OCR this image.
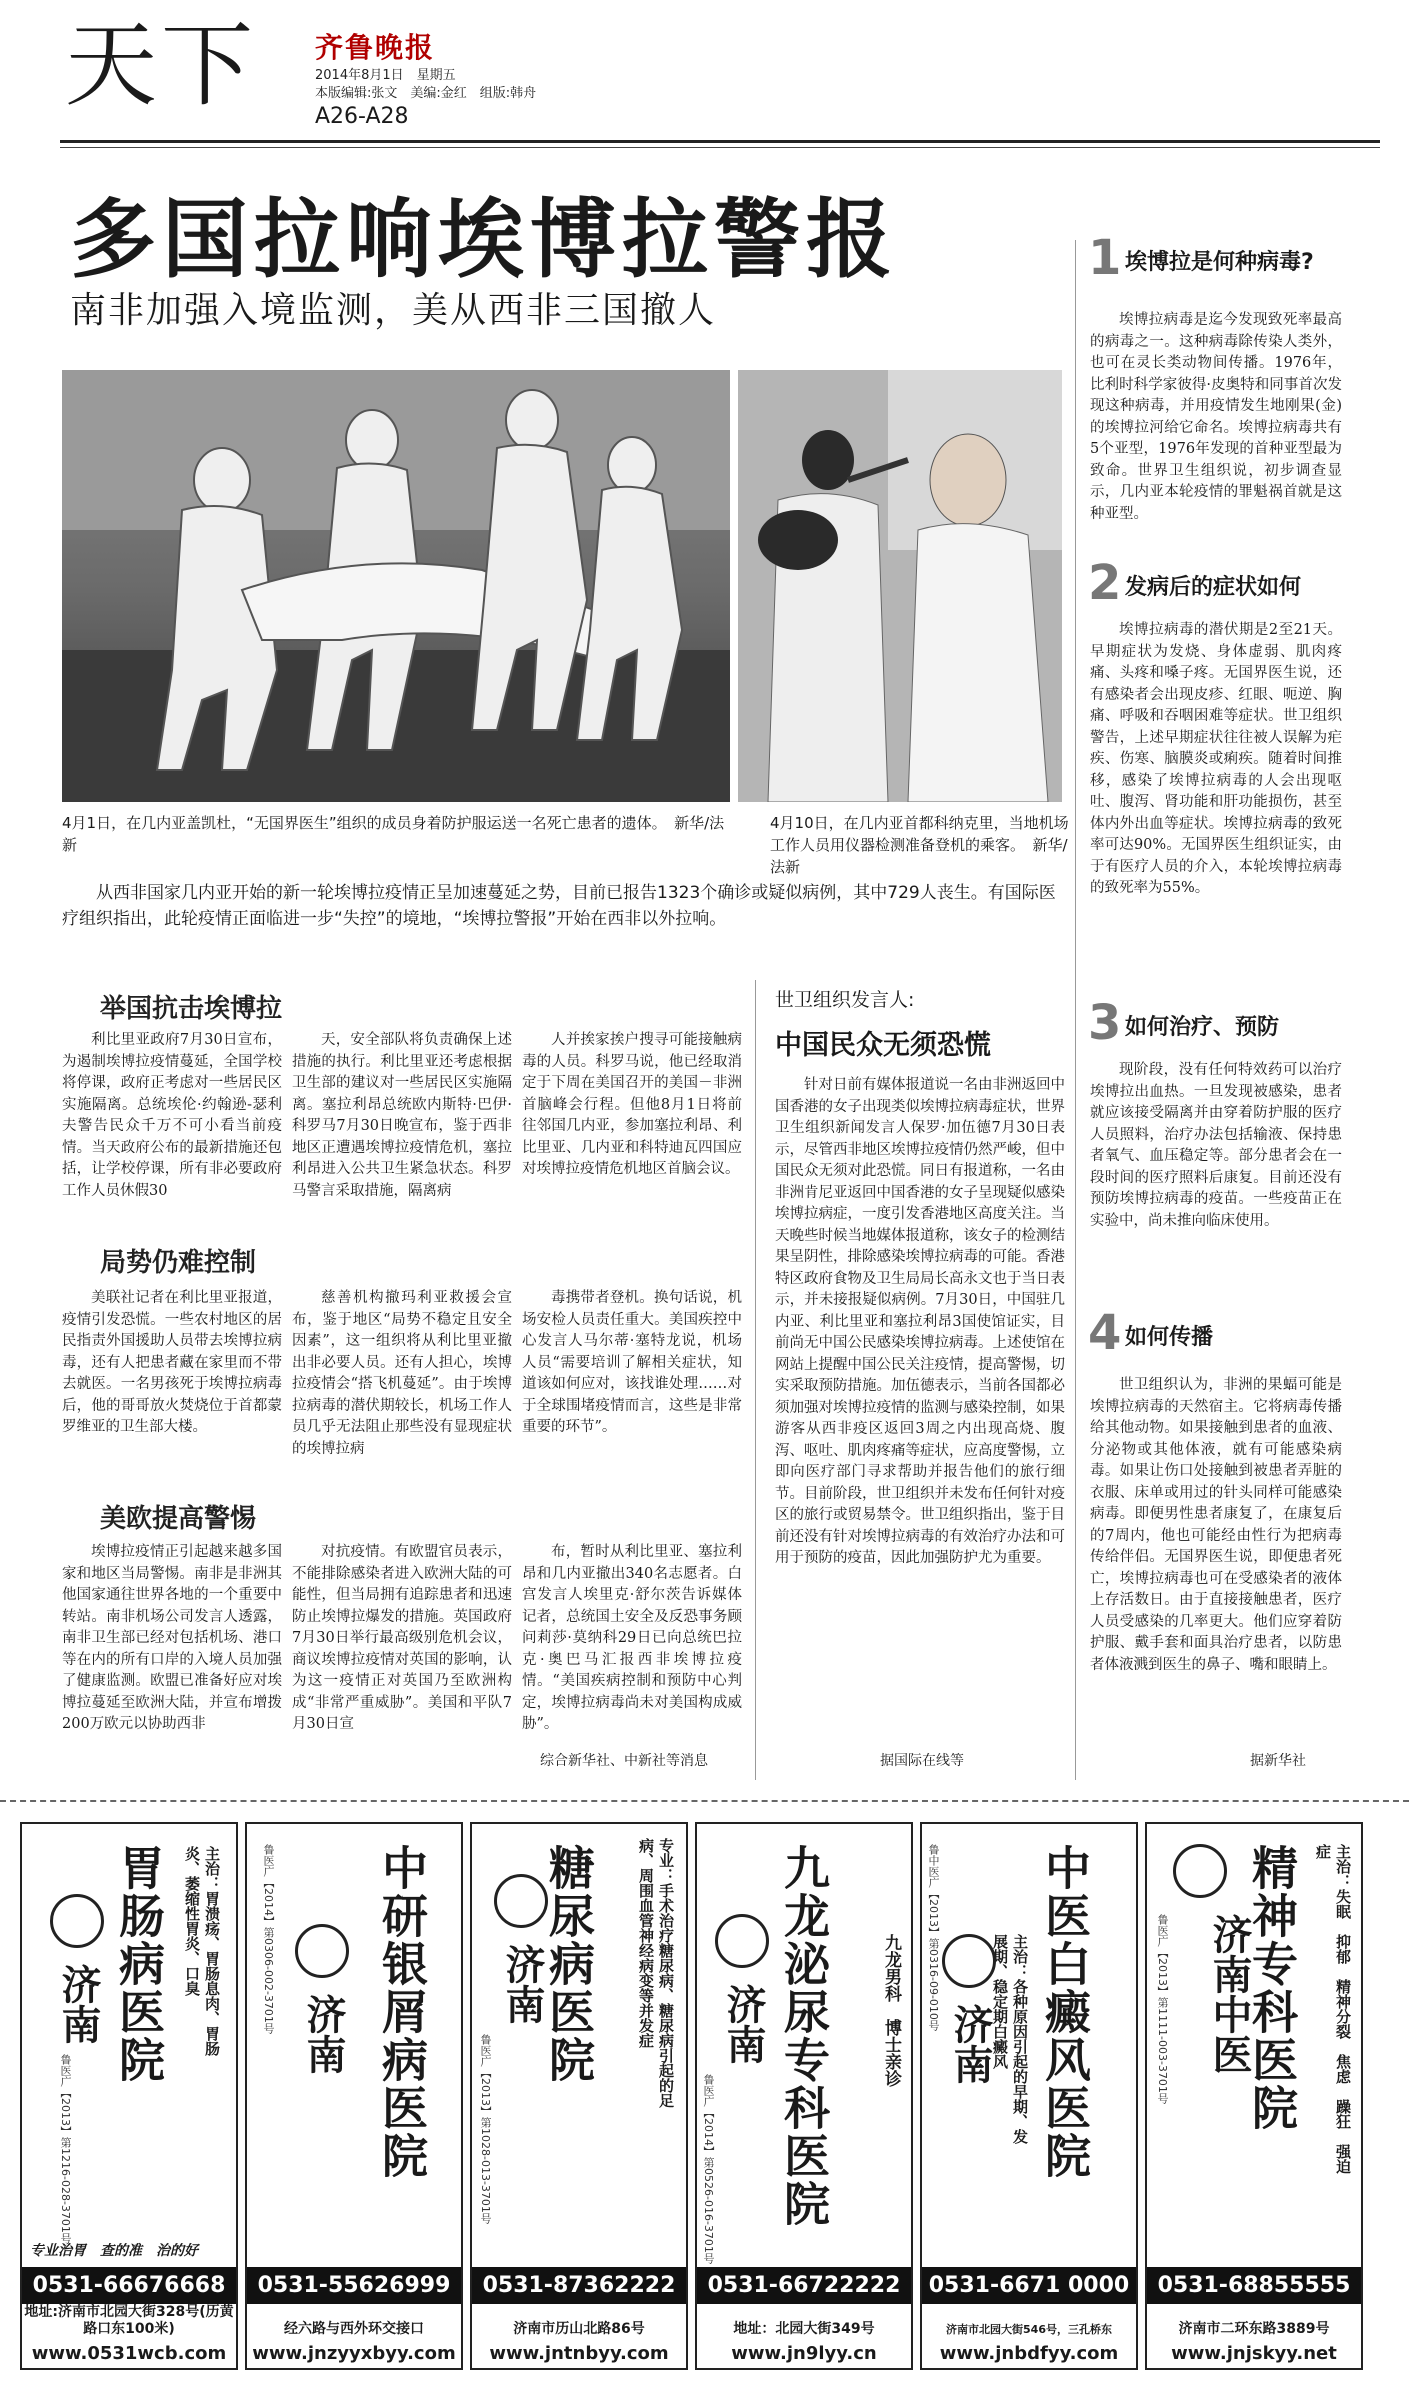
天下 齐鲁晚报
2014年8月1日　星期五
本版编辑:张文　美编:金红　组版:韩舟
A26-A28
多国拉响埃博拉警报
南非加强入境监测，美从西非三国撤人
4月1日，在几内亚盖凯杜，“无国界医生”组织的成员身着防护服运送一名死亡患者的遗体。　新华/法新
4月10日，在几内亚首都科纳克里，当地机场工作人员用仪器检测准备登机的乘客。　新华/法新
从西非国家几内亚开始的新一轮埃博拉疫情正呈加速蔓延之势，目前已报告1323个确诊或疑似病例，其中729人丧生。有国际医疗组织指出，此轮疫情正面临进一步“失控”的境地，“埃博拉警报”开始在西非以外拉响。
举国抗击埃博拉
利比里亚政府7月30日宣布，为遏制埃博拉疫情蔓延，全国学校将停课，政府正考虑对一些居民区实施隔离。总统埃伦·约翰逊-瑟利夫警告民众千万不可小看当前疫情。当天政府公布的最新措施还包括，让学校停课，所有非必要政府工作人员休假30
天，安全部队将负责确保上述措施的执行。利比里亚还考虑根据卫生部的建议对一些居民区实施隔离。塞拉利昂总统欧内斯特·巴伊·科罗马7月30日晚宣布，鉴于西非地区正遭遇埃博拉疫情危机，塞拉利昂进入公共卫生紧急状态。科罗马警言采取措施，隔离病
人并挨家挨户搜寻可能接触病毒的人员。科罗马说，他已经取消定于下周在美国召开的美国－非洲首脑峰会行程。但他8月1日将前往邻国几内亚，参加塞拉利昂、利比里亚、几内亚和科特迪瓦四国应对埃博拉疫情危机地区首脑会议。
局势仍难控制
美联社记者在利比里亚报道，疫情引发恐慌。一些农村地区的居民指责外国援助人员带去埃博拉病毒，还有人把患者藏在家里而不带去就医。一名男孩死于埃博拉病毒后，他的哥哥放火焚烧位于首都蒙罗维亚的卫生部大楼。
慈善机构撤玛利亚救援会宣布，鉴于地区“局势不稳定且安全因素”，这一组织将从利比里亚撤出非必要人员。还有人担心，埃博拉疫情会“搭飞机蔓延”。由于埃博拉病毒的潜伏期较长，机场工作人员几乎无法阻止那些没有显现症状的埃博拉病
毒携带者登机。换句话说，机场安检人员责任重大。美国疾控中心发言人马尔蒂·塞特龙说，机场人员“需要培训了解相关症状，知道该如何应对，该找谁处理……对于全球围堵疫情而言，这些是非常重要的环节”。
美欧提高警惕
埃博拉疫情正引起越来越多国家和地区当局警惕。南非是非洲其他国家通往世界各地的一个重要中转站。南非机场公司发言人透露，南非卫生部已经对包括机场、港口等在内的所有口岸的入境人员加强了健康监测。欧盟已准备好应对埃博拉蔓延至欧洲大陆，并宣布增拨200万欧元以协助西非
对抗疫情。有欧盟官员表示，不能排除感染者进入欧洲大陆的可能性，但当局拥有追踪患者和迅速防止埃博拉爆发的措施。英国政府7月30日举行最高级别危机会议，商议埃博拉疫情对英国的影响，认为这一疫情正对英国乃至欧洲构成“非常严重威胁”。美国和平队7月30日宣
布，暂时从利比里亚、塞拉利昂和几内亚撤出340名志愿者。白宫发言人埃里克·舒尔茨告诉媒体记者，总统国土安全及反恐事务顾问莉莎·莫纳科29日已向总统巴拉克·奥巴马汇报西非埃博拉疫情。“美国疾病控制和预防中心判定，埃博拉病毒尚未对美国构成威胁”。
综合新华社、中新社等消息
世卫组织发言人:
中国民众无须恐慌
针对日前有媒体报道说一名由非洲返回中国香港的女子出现类似埃博拉病毒症状，世界卫生组织新闻发言人保罗·加伍德7月30日表示，尽管西非地区埃博拉疫情仍然严峻，但中国民众无须对此恐慌。同日有报道称，一名由非洲肯尼亚返回中国香港的女子呈现疑似感染埃博拉病症，一度引发香港地区高度关注。当天晚些时候当地媒体报道称，该女子的检测结果呈阴性，排除感染埃博拉病毒的可能。香港特区政府食物及卫生局局长高永文也于当日表示，并未接报疑似病例。7月30日，中国驻几内亚、利比里亚和塞拉利昂3国使馆证实，目前尚无中国公民感染埃博拉病毒。上述使馆在网站上提醒中国公民关注疫情，提高警惕，切实采取预防措施。加伍德表示，当前各国都必须加强对埃博拉疫情的监测与感染控制，如果游客从西非疫区返回3周之内出现高烧、腹泻、呕吐、肌肉疼痛等症状，应高度警惕，立即向医疗部门寻求帮助并报告他们的旅行细节。目前阶段，世卫组织并未发布任何针对疫区的旅行或贸易禁令。世卫组织指出，鉴于目前还没有针对埃博拉病毒的有效治疗办法和可用于预防的疫苗，因此加强防护尤为重要。
据国际在线等
1 埃博拉是何种病毒?
埃博拉病毒是迄今发现致死率最高的病毒之一。这种病毒除传染人类外，也可在灵长类动物间传播。1976年，比利时科学家彼得·皮奥特和同事首次发现这种病毒，并用疫情发生地刚果(金)的埃博拉河给它命名。埃博拉病毒共有5个亚型，1976年发现的首种亚型最为致命。世界卫生组织说，初步调查显示，几内亚本轮疫情的罪魁祸首就是这种亚型。
2 发病后的症状如何
埃博拉病毒的潜伏期是2至21天。早期症状为发烧、身体虚弱、肌肉疼痛、头疼和嗓子疼。无国界医生说，还有感染者会出现皮疹、红眼、呃逆、胸痛、呼吸和吞咽困难等症状。世卫组织警告，上述早期症状往往被人误解为疟疾、伤寒、脑膜炎或痢疾。随着时间推移，感染了埃博拉病毒的人会出现呕吐、腹泻、肾功能和肝功能损伤，甚至体内外出血等症状。埃博拉病毒的致死率可达90%。无国界医生组织证实，由于有医疗人员的介入，本轮埃博拉病毒的致死率为55%。
3 如何治疗、预防
现阶段，没有任何特效药可以治疗埃博拉出血热。一旦发现被感染，患者就应该接受隔离并由穿着防护服的医疗人员照料，治疗办法包括输液、保持患者氧气、血压稳定等。部分患者会在一段时间的医疗照料后康复。目前还没有预防埃博拉病毒的疫苗。一些疫苗正在实验中，尚未推向临床使用。
4 如何传播
世卫组织认为，非洲的果蝠可能是埃博拉病毒的天然宿主。它将病毒传播给其他动物。如果接触到患者的血液、分泌物或其他体液，就有可能感染病毒。如果让伤口处接触到被患者弄脏的衣服、床单或用过的针头同样可能感染病毒。即便男性患者康复了，在康复后的7周内，他也可能经由性行为把病毒传给伴侣。无国界医生说，即便患者死亡，埃博拉病毒也可在受感染者的液体上存活数日。由于直接接触患者，医疗人员受感染的几率更大。他们应穿着防护服、戴手套和面具治疗患者，以防患者体液溅到医生的鼻子、嘴和眼睛上。
据新华社
主治：胃溃疡、胃肠息肉、胃肠炎、萎缩性胃炎、口臭
胃肠病医院
济南
鲁医广【2013】第1216-028-3701号
专业治胃　查的准　治的好
0531-66676668
地址:济南市北园大街328号(历黄路口东100米)
www.0531wcb.com
中研银屑病医院
济南
鲁医广【2014】第0306-002-3701号
0531-55626999
经六路与西外环交接口
www.jnzyyxbyy.com
专业：手术治疗糖尿病、糖尿病引起的足病、周围血管神经病变等并发症
糖尿病医院
济南
鲁医广【2013】第1028-013-3701号
0531-87362222
济南市历山北路86号
www.jntnbyy.com
九龙泌尿专科医院	九龙男科　博士亲诊
济南
鲁医广【2014】第0526-016-3701号
0531-66722222
地址：北园大街349号
www.jn9lyy.cn
中医白癜风医院
主治：各种原因引起的早期、发展期、稳定期白癜风
济南
鲁中医广【2013】第0316-09-010号
0531-6671 0000
济南市北园大街546号，三孔桥东
www.jnbdfyy.com
主治：失眠　抑郁　精神分裂　焦虑　躁狂　强迫症
精神专科医院
济南中医
鲁医广【2013】第1111-003-3701号
0531-68855555
济南市二环东路3889号
www.jnjskyy.net
